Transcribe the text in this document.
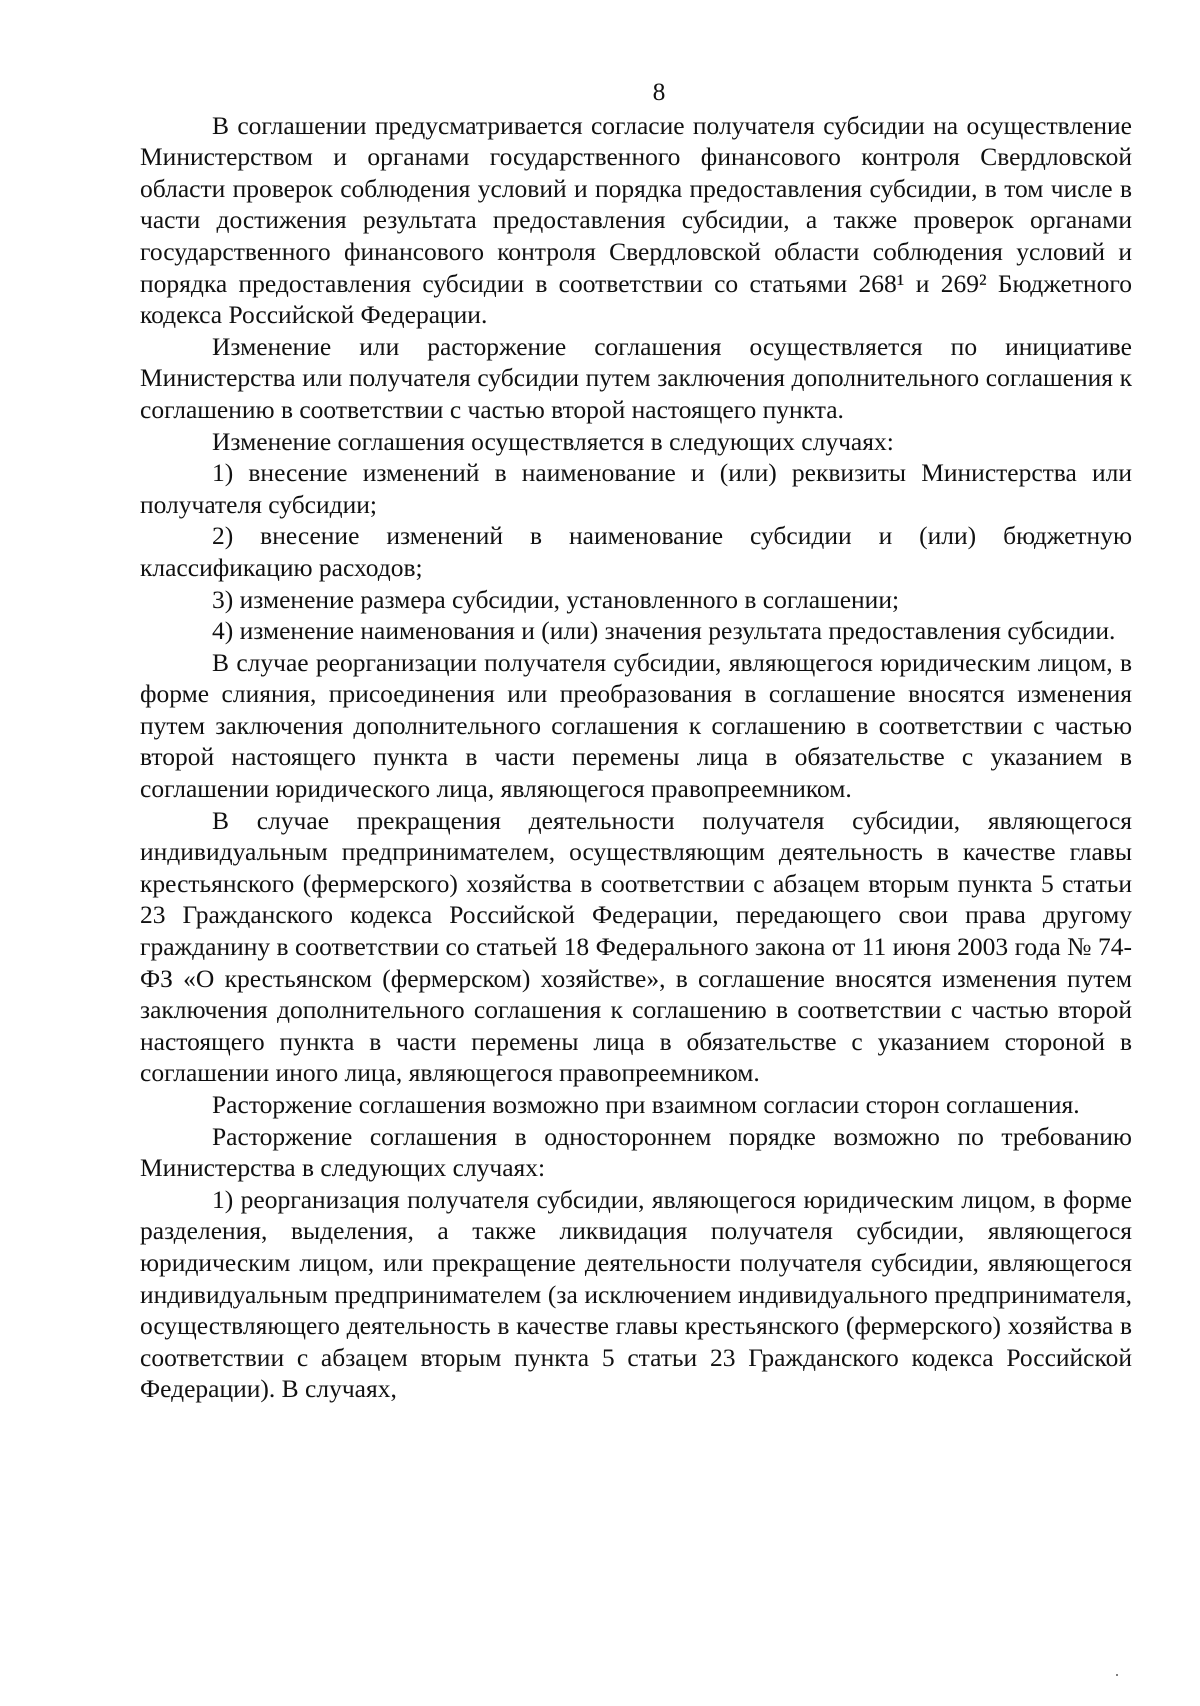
8

В соглашении предусматривается согласие получателя субсидии на осуществление Министерством и органами государственного финансового контроля Свердловской области проверок соблюдения условий и порядка предоставления субсидии, в том числе в части достижения результата предоставления субсидии, а также проверок органами государственного финансового контроля Свердловской области соблюдения условий и порядка предоставления субсидии в соответствии со статьями 268¹ и 269² Бюджетного кодекса Российской Федерации.

Изменение или расторжение соглашения осуществляется по инициативе Министерства или получателя субсидии путем заключения дополнительного соглашения к соглашению в соответствии с частью второй настоящего пункта.

Изменение соглашения осуществляется в следующих случаях:

1) внесение изменений в наименование и (или) реквизиты Министерства или получателя субсидии;

2) внесение изменений в наименование субсидии и (или) бюджетную классификацию расходов;

3) изменение размера субсидии, установленного в соглашении;

4) изменение наименования и (или) значения результата предоставления субсидии.

В случае реорганизации получателя субсидии, являющегося юридическим лицом, в форме слияния, присоединения или преобразования в соглашение вносятся изменения путем заключения дополнительного соглашения к соглашению в соответствии с частью второй настоящего пункта в части перемены лица в обязательстве с указанием в соглашении юридического лица, являющегося правопреемником.

В случае прекращения деятельности получателя субсидии, являющегося индивидуальным предпринимателем, осуществляющим деятельность в качестве главы крестьянского (фермерского) хозяйства в соответствии с абзацем вторым пункта 5 статьи 23 Гражданского кодекса Российской Федерации, передающего свои права другому гражданину в соответствии со статьей 18 Федерального закона от 11 июня 2003 года № 74-ФЗ «О крестьянском (фермерском) хозяйстве», в соглашение вносятся изменения путем заключения дополнительного соглашения к соглашению в соответствии с частью второй настоящего пункта в части перемены лица в обязательстве с указанием стороной в соглашении иного лица, являющегося правопреемником.

Расторжение соглашения возможно при взаимном согласии сторон соглашения.

Расторжение соглашения в одностороннем порядке возможно по требованию Министерства в следующих случаях:

1) реорганизация получателя субсидии, являющегося юридическим лицом, в форме разделения, выделения, а также ликвидация получателя субсидии, являющегося юридическим лицом, или прекращение деятельности получателя субсидии, являющегося индивидуальным предпринимателем (за исключением индивидуального предпринимателя, осуществляющего деятельность в качестве главы крестьянского (фермерского) хозяйства в соответствии с абзацем вторым пункта 5 статьи 23 Гражданского кодекса Российской Федерации). В случаях,
